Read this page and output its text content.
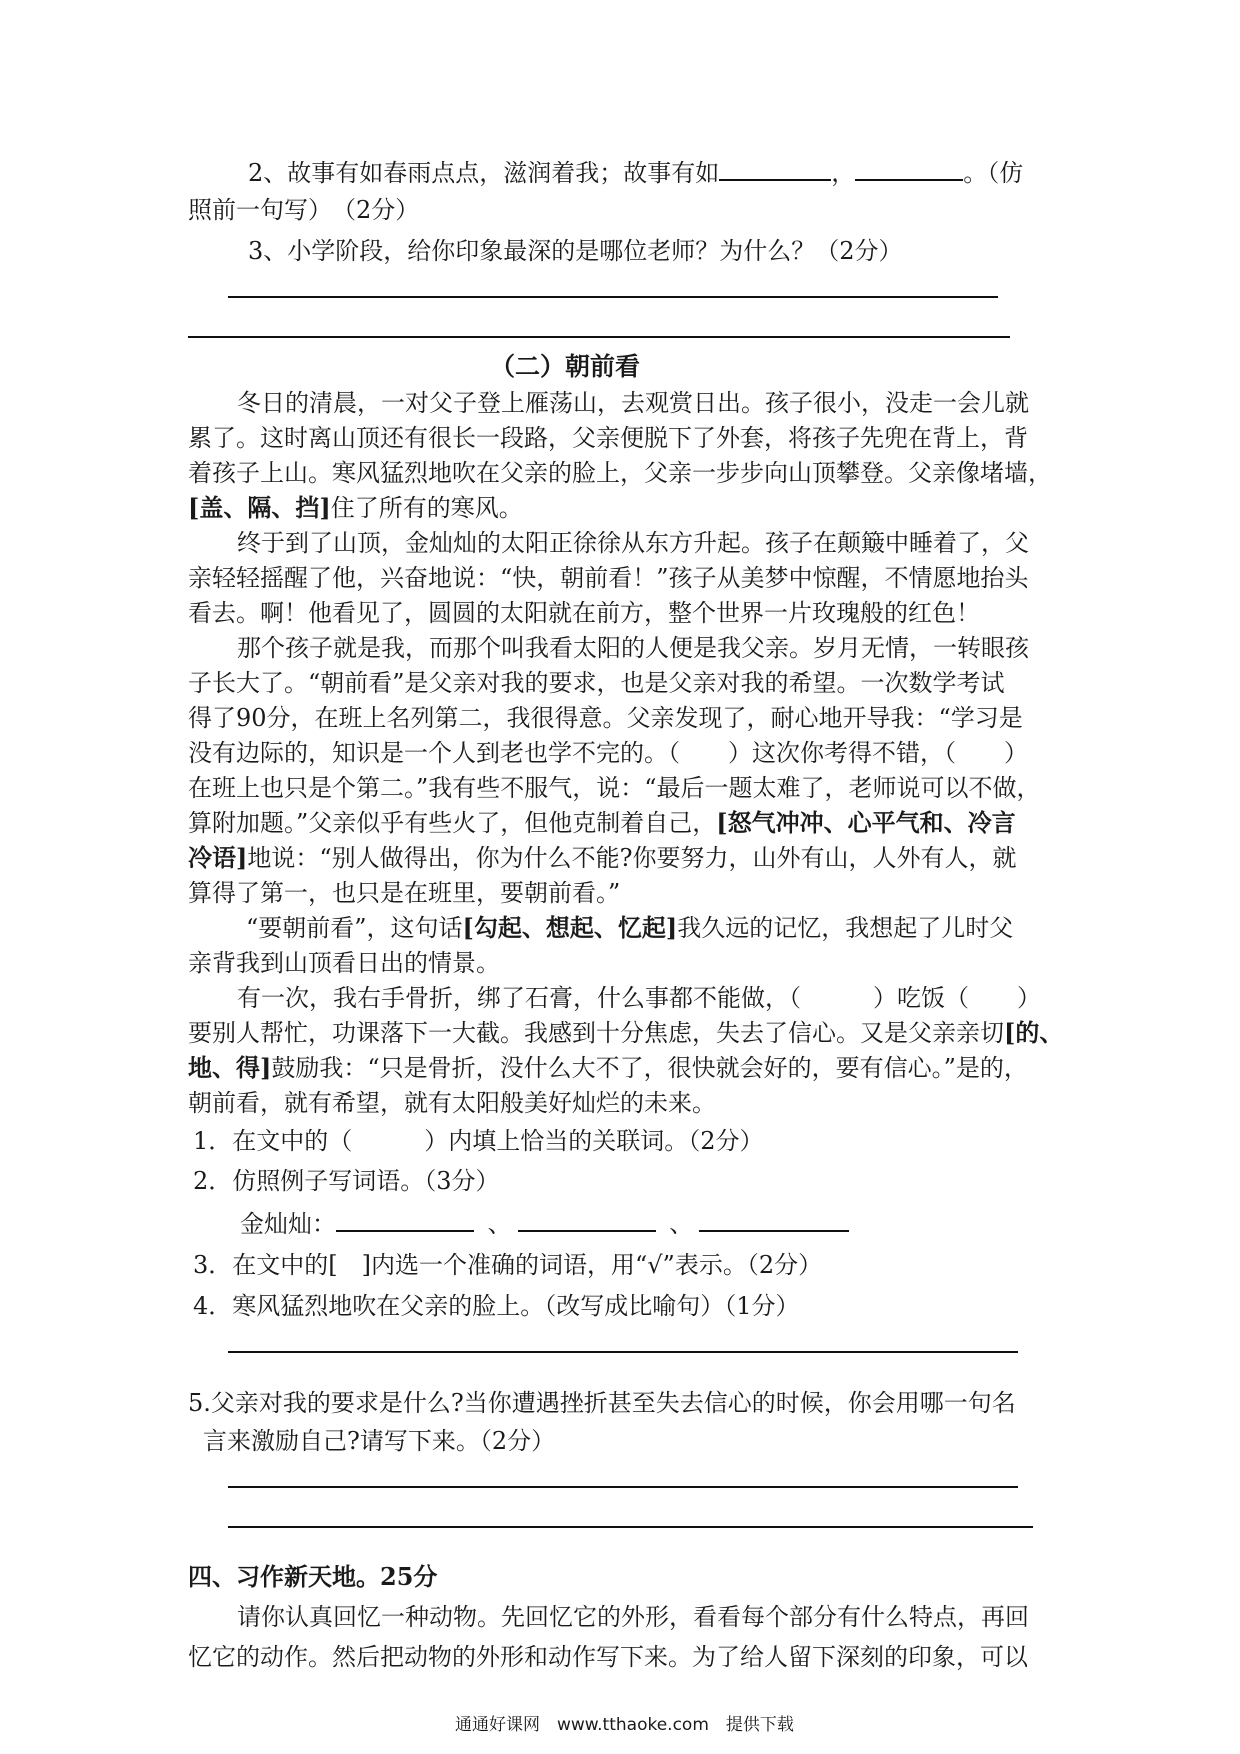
2、故事有如春雨点点，滋润着我；故事有如	，	。（仿
照前一句写）　（2分）
3、小学阶段，给你印象最深的是哪位老师？为什么？（2分）
（二）朝前看
冬日的清晨，一对父子登上雁荡山，去观赏日出。孩子很小，没走一会儿就
累了。这时离山顶还有很长一段路，父亲便脱下了外套，将孩子先兜在背上，背
着孩子上山。寒风猛烈地吹在父亲的脸上，父亲一步步向山顶攀登。父亲像堵墙，
[盖、隔、挡]住了所有的寒风。
终于到了山顶，金灿灿的太阳正徐徐从东方升起。孩子在颠簸中睡着了，父
亲轻轻摇醒了他，兴奋地说：“快，朝前看！”孩子从美梦中惊醒，不情愿地抬头
看去。啊！他看见了，圆圆的太阳就在前方，整个世界一片玫瑰般的红色！
那个孩子就是我，而那个叫我看太阳的人便是我父亲。岁月无情，一转眼孩
子长大了。“朝前看”是父亲对我的要求，也是父亲对我的希望。一次数学考试
得了90分，在班上名列第二，我很得意。父亲发现了，耐心地开导我：“学习是
没有边际的，知识是一个人到老也学不完的。（　　）这次你考得不错，（　　）
在班上也只是个第二。”我有些不服气，说：“最后一题太难了，老师说可以不做，
算附加题。”父亲似乎有些火了，但他克制着自己，[怒气冲冲、心平气和、冷言
冷语]地说：“别人做得出，你为什么不能?你要努力，山外有山，人外有人，就
算得了第一，也只是在班里，要朝前看。”
“要朝前看”，这句话[勾起、想起、忆起]我久远的记忆，我想起了儿时父
亲背我到山顶看日出的情景。
有一次，我右手骨折，绑了石膏，什么事都不能做，（　　　）吃饭（　　）
要别人帮忙，功课落下一大截。我感到十分焦虑，失去了信心。又是父亲亲切[的、
地、得]鼓励我：“只是骨折，没什么大不了，很快就会好的，要有信心。”是的，
朝前看，就有希望，就有太阳般美好灿烂的未来。
1．在文中的（　　　）内填上恰当的关联词。（2分）
2．仿照例子写词语。（3分）
金灿灿：	、	、
3．在文中的[　]内选一个准确的词语，用“√”表示。（2分）
4．寒风猛烈地吹在父亲的脸上。（改写成比喻句）（1分）
5.父亲对我的要求是什么?当你遭遇挫折甚至失去信心的时候，你会用哪一句名
言来激励自己?请写下来。（2分）
四、习作新天地。25分
请你认真回忆一种动物。先回忆它的外形，看看每个部分有什么特点，再回
忆它的动作。然后把动物的外形和动作写下来。为了给人留下深刻的印象，可以
通通好课网　www.tthaoke.com　提供下载
